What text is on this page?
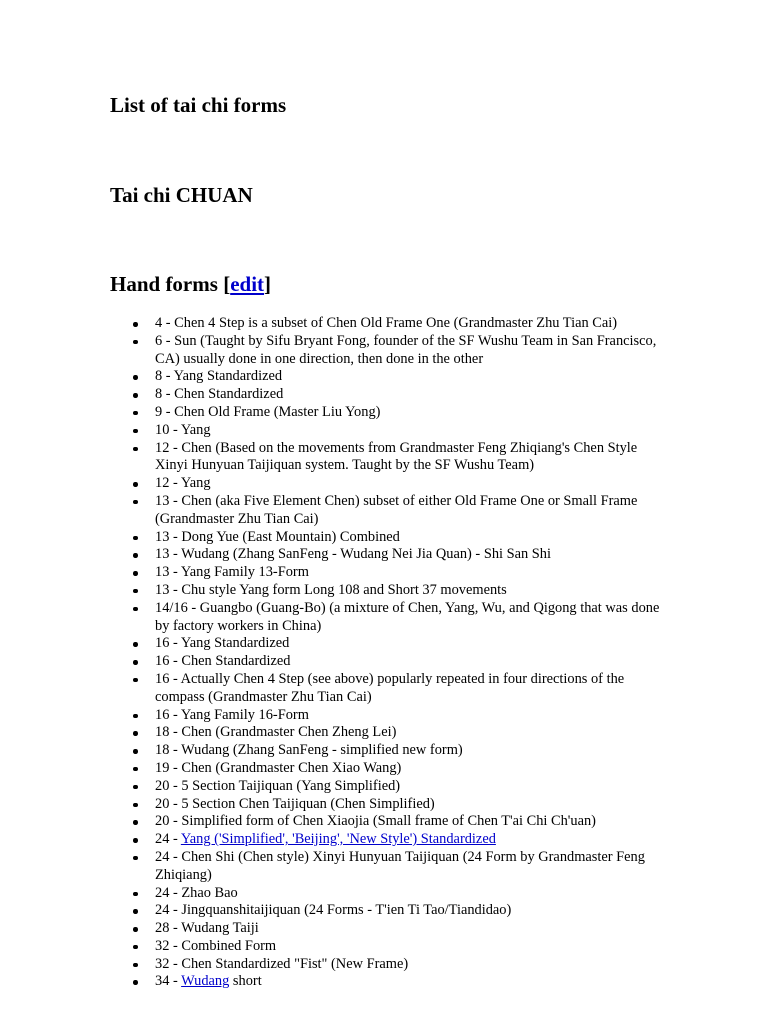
List of tai chi forms
Tai chi CHUAN
Hand forms [edit]
4 - Chen 4 Step is a subset of Chen Old Frame One (Grandmaster Zhu Tian Cai)
6 - Sun (Taught by Sifu Bryant Fong, founder of the SF Wushu Team in San Francisco, CA) usually done in one direction, then done in the other
8 - Yang Standardized
8 - Chen Standardized
9 - Chen Old Frame (Master Liu Yong)
10 - Yang
12 - Chen (Based on the movements from Grandmaster Feng Zhiqiang's Chen Style Xinyi Hunyuan Taijiquan system. Taught by the SF Wushu Team)
12 - Yang
13 - Chen (aka Five Element Chen) subset of either Old Frame One or Small Frame (Grandmaster Zhu Tian Cai)
13 - Dong Yue (East Mountain) Combined
13 - Wudang (Zhang SanFeng - Wudang Nei Jia Quan) - Shi San Shi
13 - Yang Family 13-Form
13 - Chu style Yang form Long 108 and Short 37 movements
14/16 - Guangbo (Guang-Bo) (a mixture of Chen, Yang, Wu, and Qigong that was done by factory workers in China)
16 - Yang Standardized
16 - Chen Standardized
16 - Actually Chen 4 Step (see above) popularly repeated in four directions of the compass (Grandmaster Zhu Tian Cai)
16 - Yang Family 16-Form
18 - Chen (Grandmaster Chen Zheng Lei)
18 - Wudang (Zhang SanFeng - simplified new form)
19 - Chen (Grandmaster Chen Xiao Wang)
20 - 5 Section Taijiquan (Yang Simplified)
20 - 5 Section Chen Taijiquan (Chen Simplified)
20 - Simplified form of Chen Xiaojia (Small frame of Chen T'ai Chi Ch'uan)
24 - Yang ('Simplified', 'Beijing', 'New Style') Standardized
24 - Chen Shi (Chen style) Xinyi Hunyuan Taijiquan (24 Form by Grandmaster Feng Zhiqiang)
24 - Zhao Bao
24 - Jingquanshitaijiquan (24 Forms - T'ien Ti Tao/Tiandidao)
28 - Wudang Taiji
32 - Combined Form
32 - Chen Standardized "Fist" (New Frame)
34 - Wudang short
